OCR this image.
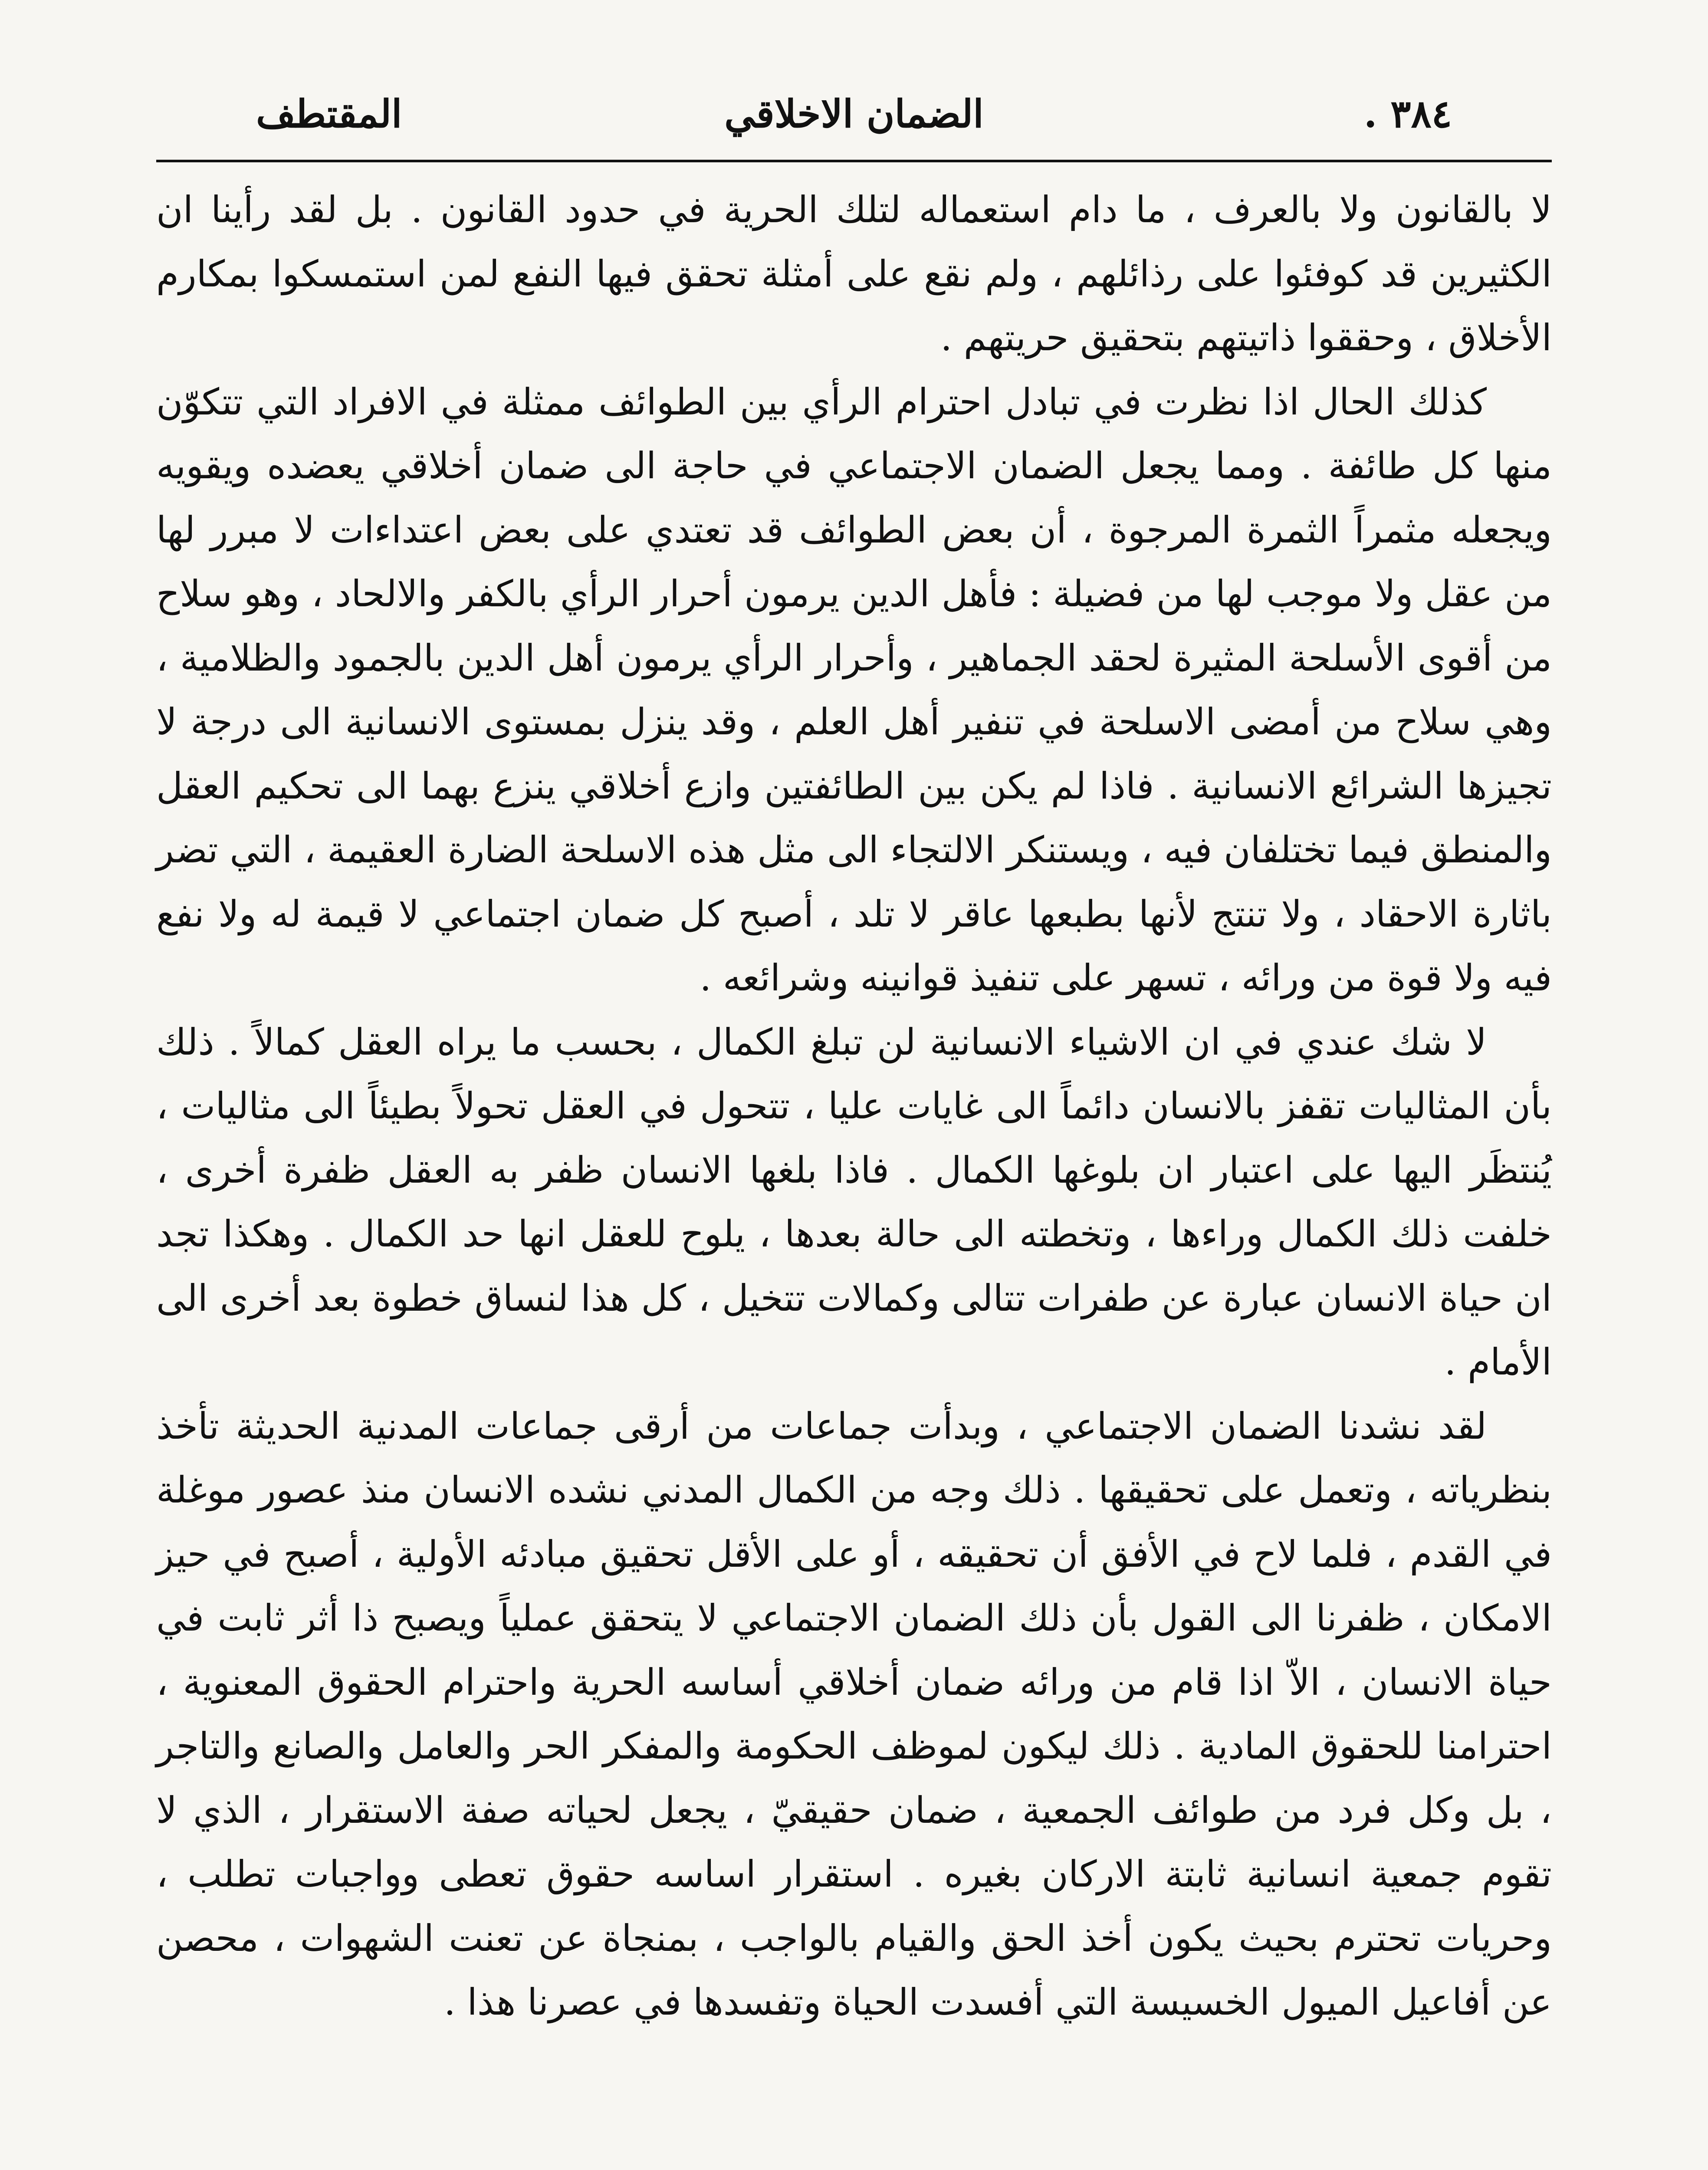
٣٨٤ .
الضمان الاخلاقي
المقتطف

لا بالقانون ولا بالعرف ، ما دام استعماله لتلك الحرية في حدود القانون . بل لقد رأينا ان الكثيرين قد كوفئوا على رذائلهم ، ولم نقع على أمثلة تحقق فيها النفع لمن استمسكوا بمكارم الأخلاق ، وحققوا ذاتيتهم بتحقيق حريتهم .

كذلك الحال اذا نظرت في تبادل احترام الرأي بين الطوائف ممثلة في الافراد التي تتكوّن منها كل طائفة . ومما يجعل الضمان الاجتماعي في حاجة الى ضمان أخلاقي يعضده ويقويه ويجعله مثمراً الثمرة المرجوة ، أن بعض الطوائف قد تعتدي على بعض اعتداءات لا مبرر لها من عقل ولا موجب لها من فضيلة : فأهل الدين يرمون أحرار الرأي بالكفر والالحاد ، وهو سلاح من أقوى الأسلحة المثيرة لحقد الجماهير ، وأحرار الرأي يرمون أهل الدين بالجمود والظلامية ، وهي سلاح من أمضى الاسلحة في تنفير أهل العلم ، وقد ينزل بمستوى الانسانية الى درجة لا تجيزها الشرائع الانسانية . فاذا لم يكن بين الطائفتين وازع أخلاقي ينزع بهما الى تحكيم العقل والمنطق فيما تختلفان فيه ، ويستنكر الالتجاء الى مثل هذه الاسلحة الضارة العقيمة ، التي تضر باثارة الاحقاد ، ولا تنتج لأنها بطبعها عاقر لا تلد ، أصبح كل ضمان اجتماعي لا قيمة له ولا نفع فيه ولا قوة من ورائه ، تسهر على تنفيذ قوانينه وشرائعه .

لا شك عندي في ان الاشياء الانسانية لن تبلغ الكمال ، بحسب ما يراه العقل كمالاً . ذلك بأن المثاليات تقفز بالانسان دائماً الى غايات عليا ، تتحول في العقل تحولاً بطيئاً الى مثاليات ، يُنتظَر اليها على اعتبار ان بلوغها الكمال . فاذا بلغها الانسان ظفر به العقل ظفرة أخرى ، خلفت ذلك الكمال وراءها ، وتخطته الى حالة بعدها ، يلوح للعقل انها حد الكمال . وهكذا تجد ان حياة الانسان عبارة عن طفرات تتالى وكمالات تتخيل ، كل هذا لنساق خطوة بعد أخرى الى الأمام .

لقد نشدنا الضمان الاجتماعي ، وبدأت جماعات من أرقى جماعات المدنية الحديثة تأخذ بنظرياته ، وتعمل على تحقيقها . ذلك وجه من الكمال المدني نشده الانسان منذ عصور موغلة في القدم ، فلما لاح في الأفق أن تحقيقه ، أو على الأقل تحقيق مبادئه الأولية ، أصبح في حيز الامكان ، ظفرنا الى القول بأن ذلك الضمان الاجتماعي لا يتحقق عملياً ويصبح ذا أثر ثابت في حياة الانسان ، الاّ اذا قام من ورائه ضمان أخلاقي أساسه الحرية واحترام الحقوق المعنوية ، احترامنا للحقوق المادية . ذلك ليكون لموظف الحكومة والمفكر الحر والعامل والصانع والتاجر ، بل وكل فرد من طوائف الجمعية ، ضمان حقيقيّ ، يجعل لحياته صفة الاستقرار ، الذي لا تقوم جمعية انسانية ثابتة الاركان بغيره . استقرار اساسه حقوق تعطى وواجبات تطلب ، وحريات تحترم بحيث يكون أخذ الحق والقيام بالواجب ، بمنجاة عن تعنت الشهوات ، محصن عن أفاعيل الميول الخسيسة التي أفسدت الحياة وتفسدها في عصرنا هذا .
